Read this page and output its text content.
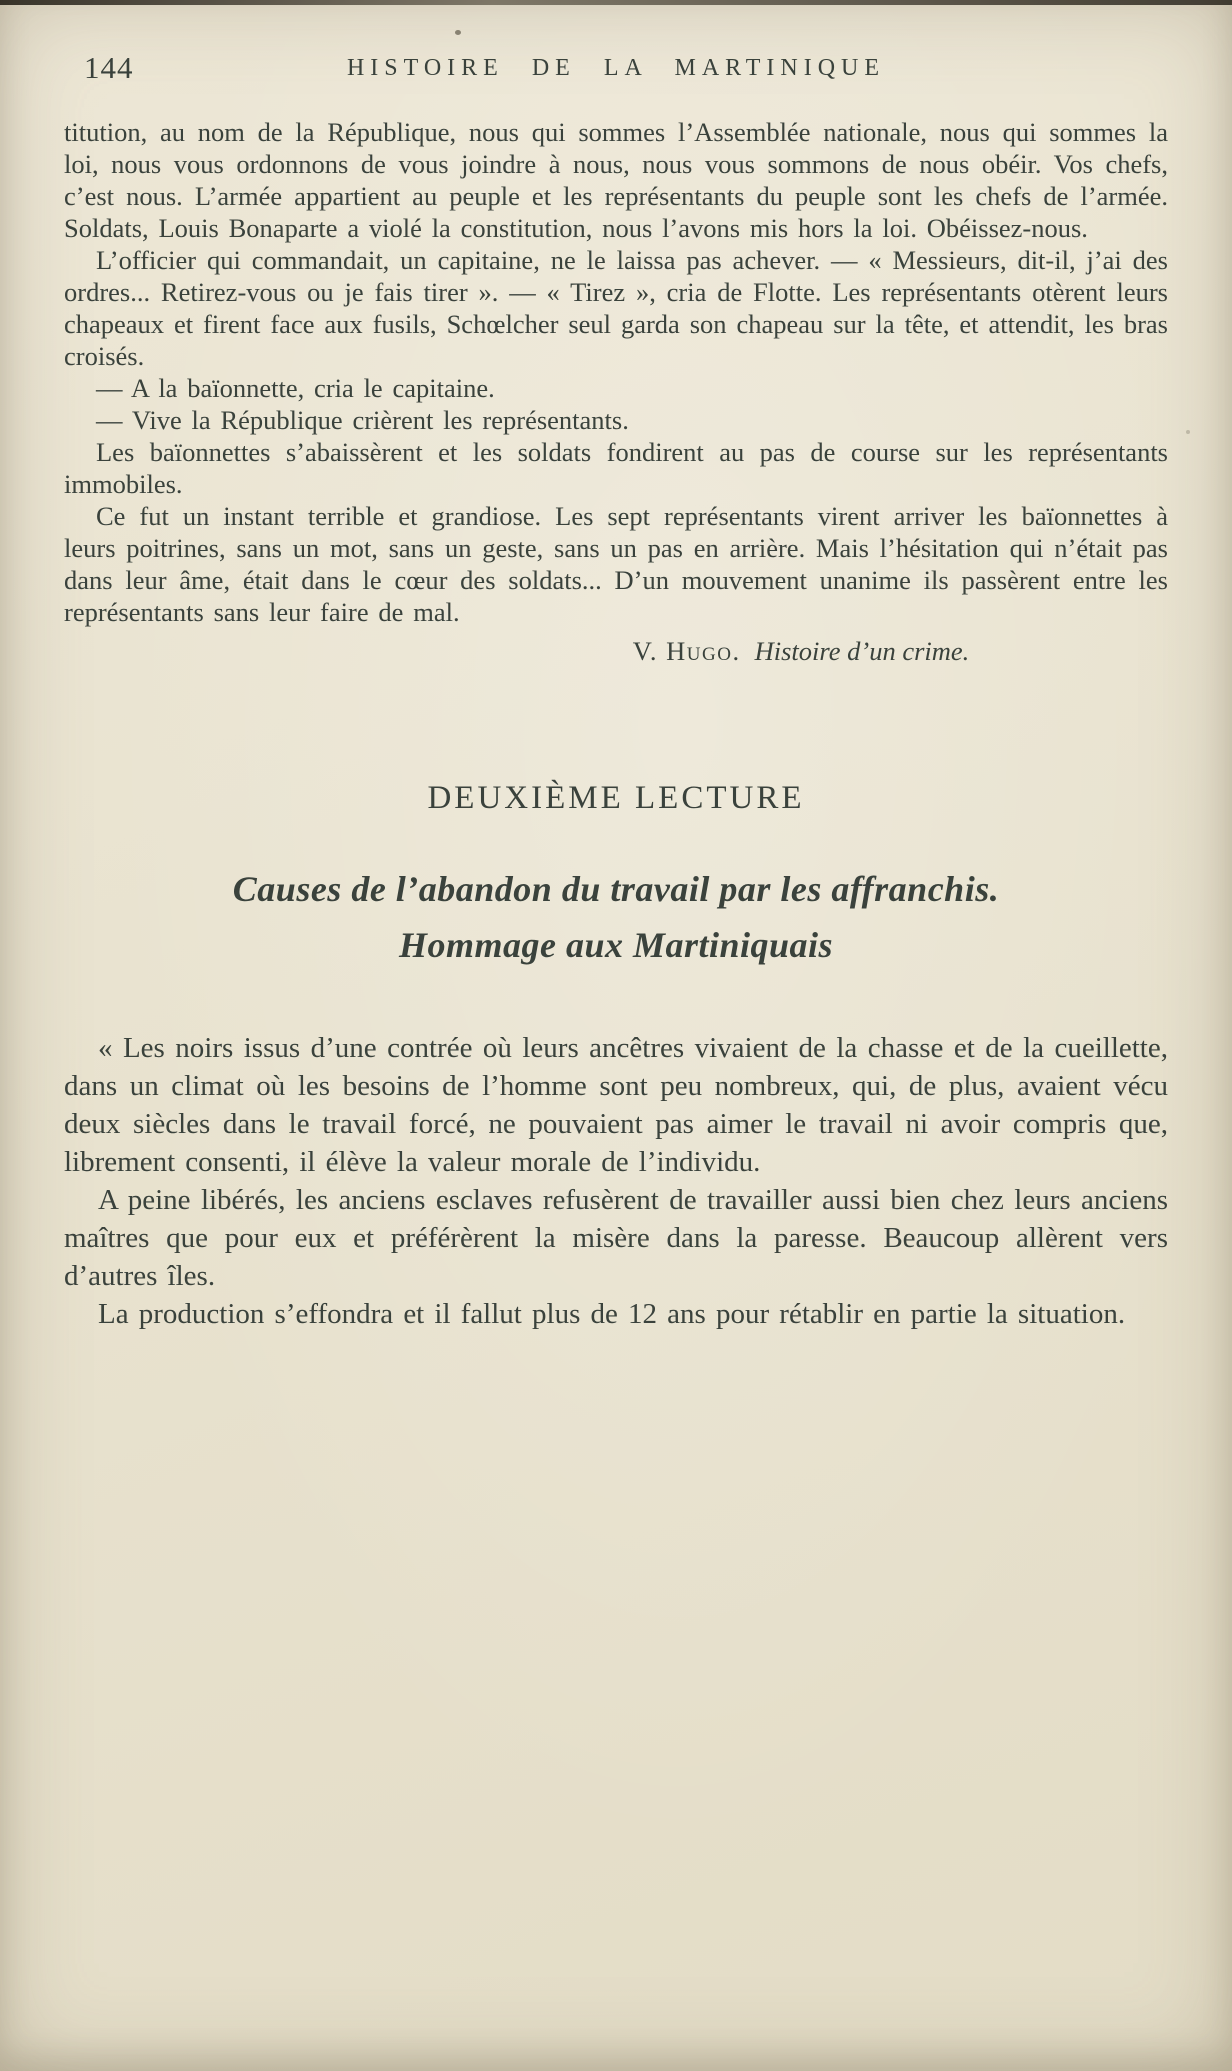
144	HISTOIRE DE LA MARTINIQUE

titution, au nom de la République, nous qui sommes l’Assemblée nationale, nous qui sommes la loi, nous vous ordonnons de vous joindre à nous, nous vous sommons de nous obéir. Vos chefs, c’est nous. L’armée appartient au peuple et les représentants du peuple sont les chefs de l’armée. Soldats, Louis Bonaparte a violé la constitution, nous l’avons mis hors la loi. Obéissez-nous.

L’officier qui commandait, un capitaine, ne le laissa pas achever. — « Messieurs, dit-il, j’ai des ordres... Retirez-vous ou je fais tirer ». — « Tirez », cria de Flotte. Les représentants otèrent leurs chapeaux et firent face aux fusils, Schœlcher seul garda son chapeau sur la tête, et attendit, les bras croisés.

— A la baïonnette, cria le capitaine.

— Vive la République crièrent les représentants.

Les baïonnettes s’abaissèrent et les soldats fondirent au pas de course sur les représentants immobiles.

Ce fut un instant terrible et grandiose. Les sept représentants virent arriver les baïonnettes à leurs poitrines, sans un mot, sans un geste, sans un pas en arrière. Mais l’hésitation qui n’était pas dans leur âme, était dans le cœur des soldats... D’un mouvement unanime ils passèrent entre les représentants sans leur faire de mal.

V. Hugo. Histoire d’un crime.

DEUXIÈME LECTURE
Causes de l’abandon du travail par les affranchis.
Hommage aux Martiniquais

« Les noirs issus d’une contrée où leurs ancêtres vivaient de la chasse et de la cueillette, dans un climat où les besoins de l’homme sont peu nombreux, qui, de plus, avaient vécu deux siècles dans le travail forcé, ne pouvaient pas aimer le travail ni avoir compris que, librement consenti, il élève la valeur morale de l’individu.

A peine libérés, les anciens esclaves refusèrent de travailler aussi bien chez leurs anciens maîtres que pour eux et préférèrent la misère dans la paresse. Beaucoup allèrent vers d’autres îles.

La production s’effondra et il fallut plus de 12 ans pour rétablir en partie la situation.
